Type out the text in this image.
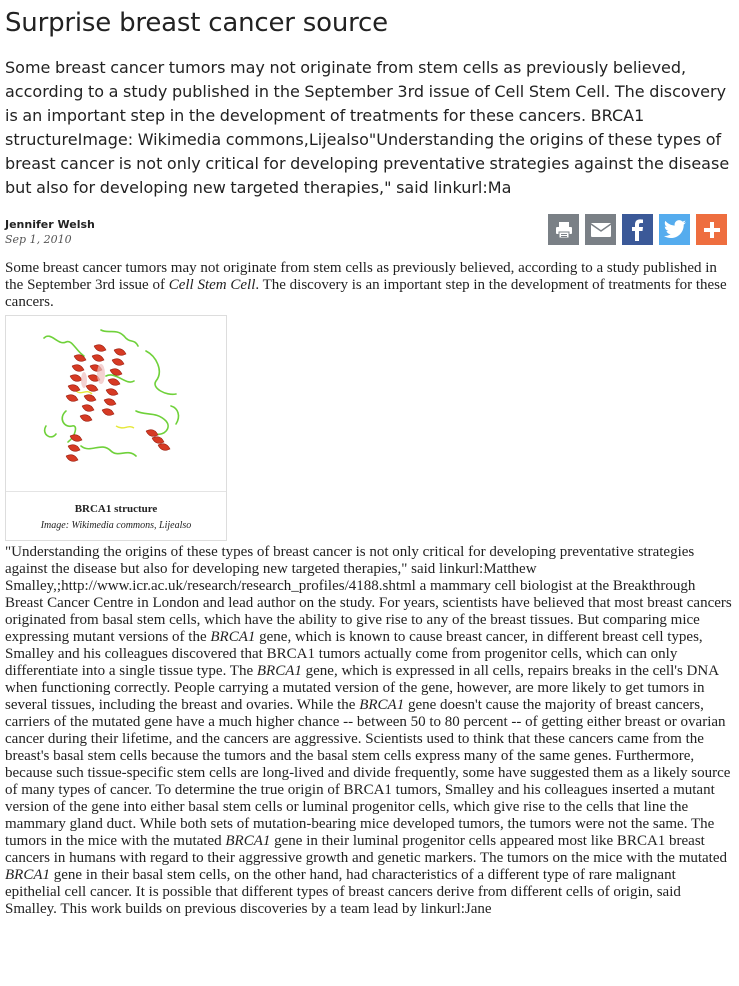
Surprise breast cancer source

Some breast cancer tumors may not originate from stem cells as previously believed, according to a study published in the September 3rd issue of Cell Stem Cell. The discovery is an important step in the development of treatments for these cancers. BRCA1 structureImage: Wikimedia commons,Lijealso"Understanding the origins of these types of breast cancer is not only critical for developing preventative strategies against the disease but also for developing new targeted therapies," said linkurl:Ma

Jennifer Welsh
Sep 1, 2010

Some breast cancer tumors may not originate from stem cells as previously believed, according to a study published in the September 3rd issue of Cell Stem Cell. The discovery is an important step in the development of treatments for these cancers.

BRCA1 structure
Image: Wikimedia commons, Lijealso

"Understanding the origins of these types of breast cancer is not only critical for developing preventative strategies against the disease but also for developing new targeted therapies," said linkurl:Matthew Smalley,;http://www.icr.ac.uk/research/research_profiles/4188.shtml a mammary cell biologist at the Breakthrough Breast Cancer Centre in London and lead author on the study. For years, scientists have believed that most breast cancers originated from basal stem cells, which have the ability to give rise to any of the breast tissues. But comparing mice expressing mutant versions of the BRCA1 gene, which is known to cause breast cancer, in different breast cell types, Smalley and his colleagues discovered that BRCA1 tumors actually come from progenitor cells, which can only differentiate into a single tissue type. The BRCA1 gene, which is expressed in all cells, repairs breaks in the cell's DNA when functioning correctly. People carrying a mutated version of the gene, however, are more likely to get tumors in several tissues, including the breast and ovaries. While the BRCA1 gene doesn't cause the majority of breast cancers, carriers of the mutated gene have a much higher chance -- between 50 to 80 percent -- of getting either breast or ovarian cancer during their lifetime, and the cancers are aggressive. Scientists used to think that these cancers came from the breast's basal stem cells because the tumors and the basal stem cells express many of the same genes. Furthermore, because such tissue-specific stem cells are long-lived and divide frequently, some have suggested them as a likely source of many types of cancer. To determine the true origin of BRCA1 tumors, Smalley and his colleagues inserted a mutant version of the gene into either basal stem cells or luminal progenitor cells, which give rise to the cells that line the mammary gland duct. While both sets of mutation-bearing mice developed tumors, the tumors were not the same. The tumors in the mice with the mutated BRCA1 gene in their luminal progenitor cells appeared most like BRCA1 breast cancers in humans with regard to their aggressive growth and genetic markers. The tumors on the mice with the mutated BRCA1 gene in their basal stem cells, on the other hand, had characteristics of a different type of rare malignant epithelial cell cancer. It is possible that different types of breast cancers derive from different cells of origin, said Smalley. This work builds on previous discoveries by a team lead by linkurl:Jane
